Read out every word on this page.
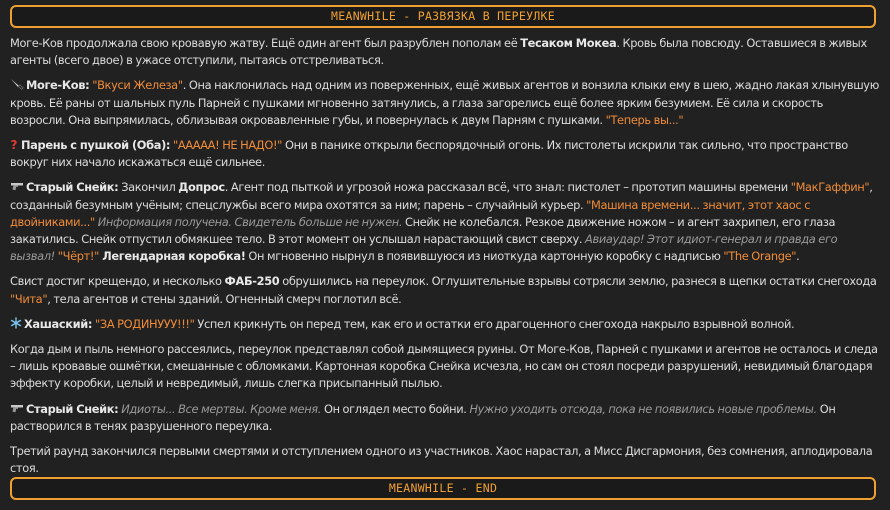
MEANWHILE - РАЗВЯЗКА В ПЕРЕУЛКЕ

Моге-Ков продолжала свою кровавую жатву. Ещё один агент был разрублен пополам её Тесаком Мокеа. Кровь была повсюду. Оставшиеся в живых агенты (всего двое) в ужасе отступили, пытаясь отстреливаться.

Моге-Ков: "Вкуси Железа". Она наклонилась над одним из поверженных, ещё живых агентов и вонзила клыки ему в шею, жадно лакая хлынувшую кровь. Её раны от шальных пуль Парней с пушками мгновенно затянулись, а глаза загорелись ещё более ярким безумием. Её сила и скорость возросли. Она выпрямилась, облизывая окровавленные губы, и повернулась к двум Парням с пушками. "Теперь вы..."

? Парень с пушкой (Оба): "ААААА! НЕ НАДО!" Они в панике открыли беспорядочный огонь. Их пистолеты искрили так сильно, что пространство вокруг них начало искажаться ещё сильнее.

Старый Снейк: Закончил Допрос. Агент под пыткой и угрозой ножа рассказал всё, что знал: пистолет – прототип машины времени "МакГаффин", созданный безумным учёным; спецслужбы всего мира охотятся за ним; парень – случайный курьер. "Машина времени... значит, этот хаос с двойниками..." Информация получена. Свидетель больше не нужен. Снейк не колебался. Резкое движение ножом – и агент захрипел, его глаза закатились. Снейк отпустил обмякшее тело. В этот момент он услышал нарастающий свист сверху. Авиаудар! Этот идиот-генерал и правда его вызвал! "Чёрт!" Легендарная коробка! Он мгновенно нырнул в появившуюся из ниоткуда картонную коробку с надписью "The Orange".

Свист достиг крещендо, и несколько ФАБ-250 обрушились на переулок. Оглушительные взрывы сотрясли землю, разнеся в щепки остатки снегохода "Чита", тела агентов и стены зданий. Огненный смерч поглотил всё.

Хашаский: "ЗА РОДИНУУУ!!!" Успел крикнуть он перед тем, как его и остатки его драгоценного снегохода накрыло взрывной волной.

Когда дым и пыль немного рассеялись, переулок представлял собой дымящиеся руины. От Моге-Ков, Парней с пушками и агентов не осталось и следа – лишь кровавые ошмётки, смешанные с обломками. Картонная коробка Снейка исчезла, но сам он стоял посреди разрушений, невидимый благодаря эффекту коробки, целый и невредимый, лишь слегка присыпанный пылью.

Старый Снейк: Идиоты... Все мертвы. Кроме меня. Он оглядел место бойни. Нужно уходить отсюда, пока не появились новые проблемы. Он растворился в тенях разрушенного переулка.

Третий раунд закончился первыми смертями и отступлением одного из участников. Хаос нарастал, а Мисс Дисгармония, без сомнения, аплодировала стоя.

MEANWHILE - END
